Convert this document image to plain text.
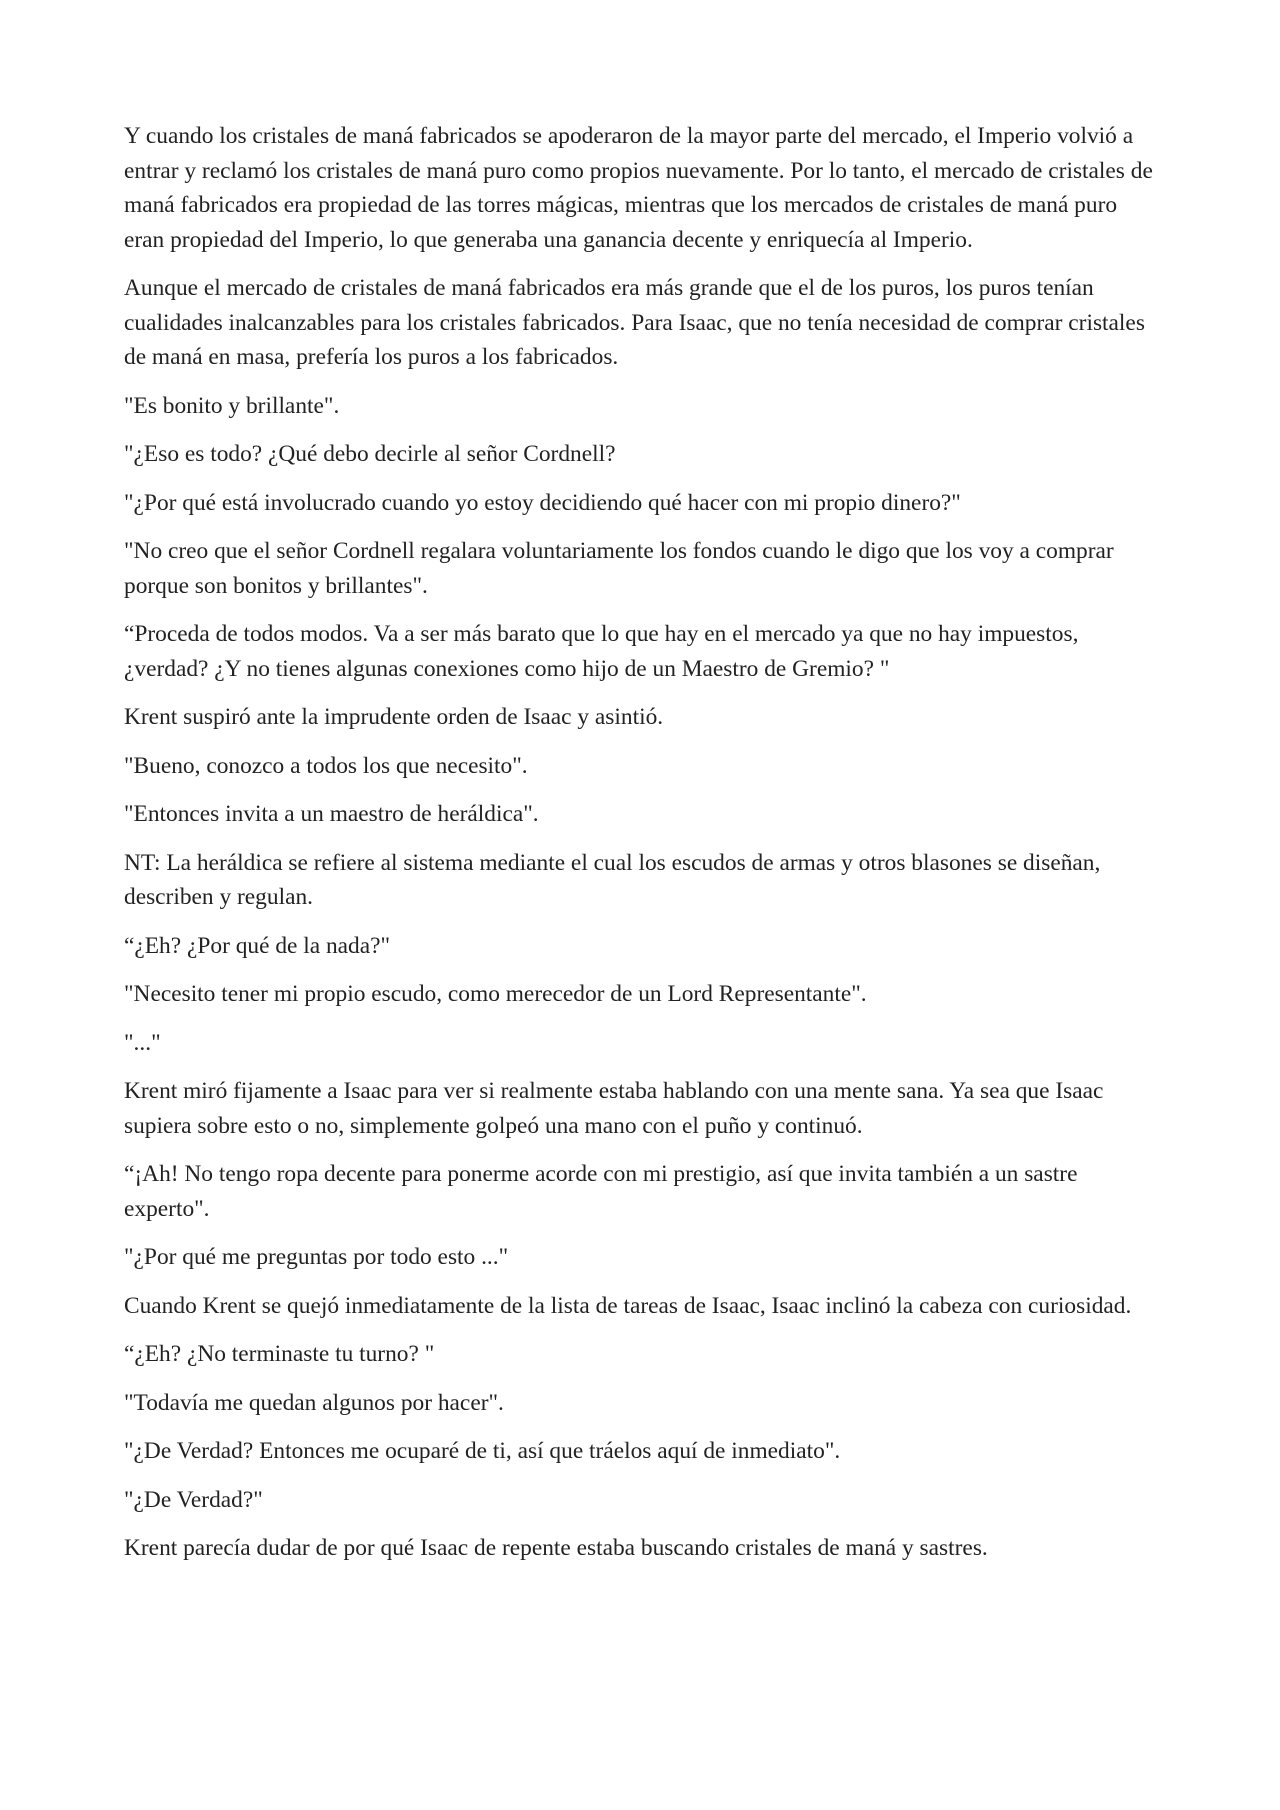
Y cuando los cristales de maná fabricados se apoderaron de la mayor parte del mercado, el Imperio volvió a entrar y reclamó los cristales de maná puro como propios nuevamente. Por lo tanto, el mercado de cristales de maná fabricados era propiedad de las torres mágicas, mientras que los mercados de cristales de maná puro eran propiedad del Imperio, lo que generaba una ganancia decente y enriquecía al Imperio.

Aunque el mercado de cristales de maná fabricados era más grande que el de los puros, los puros tenían cualidades inalcanzables para los cristales fabricados. Para Isaac, que no tenía necesidad de comprar cristales de maná en masa, prefería los puros a los fabricados.

"Es bonito y brillante".

"¿Eso es todo? ¿Qué debo decirle al señor Cordnell?

"¿Por qué está involucrado cuando yo estoy decidiendo qué hacer con mi propio dinero?"

"No creo que el señor Cordnell regalara voluntariamente los fondos cuando le digo que los voy a comprar porque son bonitos y brillantes".

“Proceda de todos modos. Va a ser más barato que lo que hay en el mercado ya que no hay impuestos, ¿verdad? ¿Y no tienes algunas conexiones como hijo de un Maestro de Gremio? "

Krent suspiró ante la imprudente orden de Isaac y asintió.

"Bueno, conozco a todos los que necesito".

"Entonces invita a un maestro de heráldica".

NT: La heráldica se refiere al sistema mediante el cual los escudos de armas y otros blasones se diseñan, describen y regulan.

“¿Eh? ¿Por qué de la nada?"

"Necesito tener mi propio escudo, como merecedor de un Lord Representante".

"..."

Krent miró fijamente a Isaac para ver si realmente estaba hablando con una mente sana. Ya sea que Isaac supiera sobre esto o no, simplemente golpeó una mano con el puño y continuó.

“¡Ah! No tengo ropa decente para ponerme acorde con mi prestigio, así que invita también a un sastre experto".

"¿Por qué me preguntas por todo esto ..."

Cuando Krent se quejó inmediatamente de la lista de tareas de Isaac, Isaac inclinó la cabeza con curiosidad.

“¿Eh? ¿No terminaste tu turno? "

"Todavía me quedan algunos por hacer".

"¿De Verdad? Entonces me ocuparé de ti, así que tráelos aquí de inmediato".

"¿De Verdad?"

Krent parecía dudar de por qué Isaac de repente estaba buscando cristales de maná y sastres.
